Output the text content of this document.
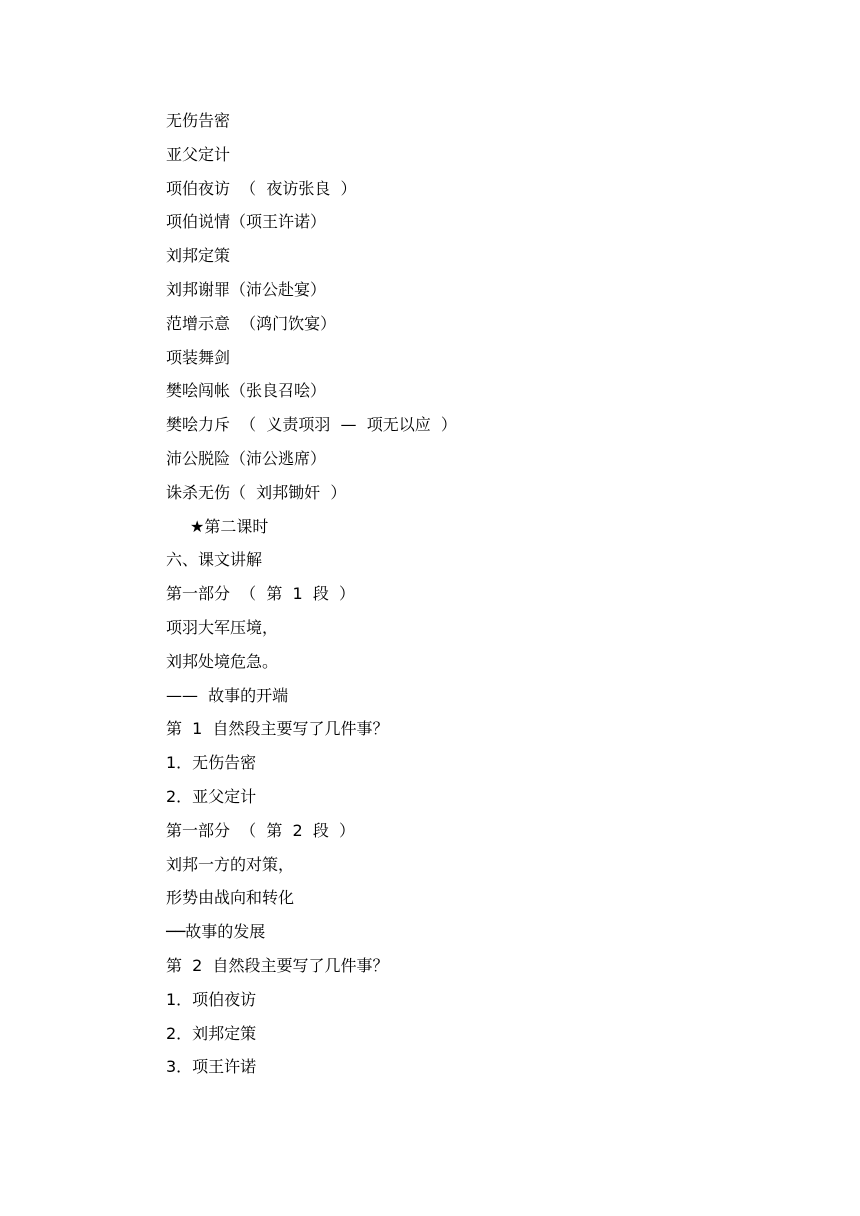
无伤告密
亚父定计
项伯夜访  （  夜访张良  ）
项伯说情（项王许诺）
刘邦定策
刘邦谢罪（沛公赴宴）
范增示意  （鸿门饮宴）
项装舞剑
樊哙闯帐（张良召哙）
樊哙力斥  （  义责项羽  —  项无以应  ）
沛公脱险（沛公逃席）
诛杀无伤（  刘邦锄奸  ）
★第二课时
六、课文讲解
第一部分  （  第  1  段  ）
项羽大军压境，
刘邦处境危急。
——  故事的开端
第  1  自然段主要写了几件事？
1．无伤告密
2．亚父定计
第一部分  （  第  2  段  ）
刘邦一方的对策，
形势由战向和转化
──故事的发展
第  2  自然段主要写了几件事？
1．项伯夜访
2．刘邦定策
3．项王许诺
